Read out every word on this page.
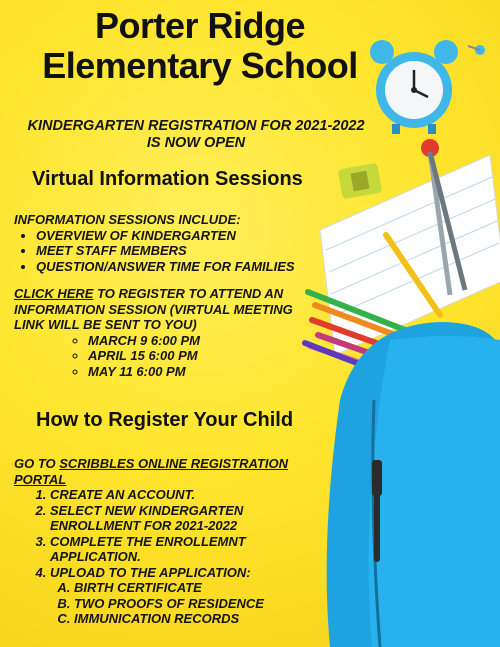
Porter Ridge
Elementary School
KINDERGARTEN REGISTRATION FOR 2021-2022
IS NOW OPEN
Virtual Information Sessions
INFORMATION SESSIONS INCLUDE:
• OVERVIEW OF KINDERGARTEN
• MEET STAFF MEMBERS
• QUESTION/ANSWER TIME FOR FAMILIES
CLICK HERE TO REGISTER TO ATTEND AN INFORMATION SESSION (VIRTUAL MEETING LINK WILL BE SENT TO YOU)
◦ MARCH 9 6:00 PM
◦ APRIL 15 6:00 PM
◦ MAY 11 6:00 PM
How to Register Your Child
GO TO SCRIBBLES ONLINE REGISTRATION PORTAL
1. CREATE AN ACCOUNT.
2. SELECT NEW KINDERGARTEN ENROLLMENT FOR 2021-2022
3. COMPLETE THE ENROLLEMNT APPLICATION.
4. UPLOAD TO THE APPLICATION:
A. BIRTH CERTIFICATE
B. TWO PROOFS OF RESIDENCE
C. IMMUNICATION RECORDS
